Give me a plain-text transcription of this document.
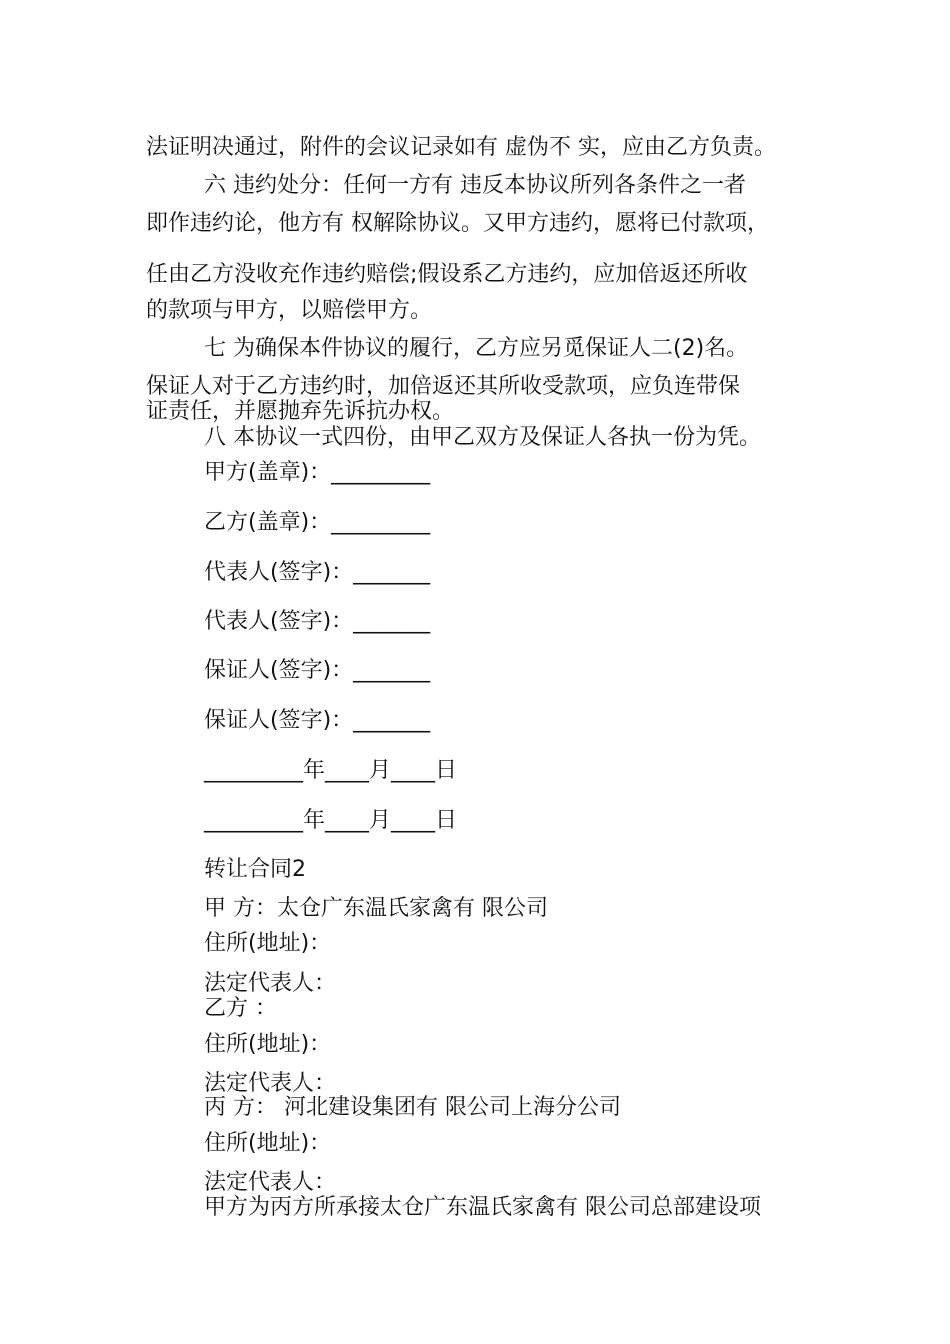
法证明决通过，附件的会议记录如有 虚伪不 实，应由乙方负责。
六 违约处分：任何一方有 违反本协议所列各条件之一者
即作违约论，他方有 权解除协议。又甲方违约，愿将已付款项，
任由乙方没收充作违约赔偿;假设系乙方违约，应加倍返还所收
的款项与甲方，以赔偿甲方。
七 为确保本件协议的履行，乙方应另觅保证人二(2)名。
保证人对于乙方违约时，加倍返还其所收受款项，应负连带保
证责任，并愿抛弃先诉抗办权。
八 本协议一式四份，由甲乙双方及保证人各执一份为凭。
甲方(盖章)：_________
乙方(盖章)：_________
代表人(签字)：_______
代表人(签字)：_______
保证人(签字)：_______
保证人(签字)：_______
_________年____月____日
_________年____月____日
转让合同2
甲 方：太仓广东温氏家禽有 限公司
住所(地址)：
法定代表人：
乙方 ：
住所(地址)：
法定代表人：
丙 方： 河北建设集团有 限公司上海分公司
住所(地址)：
法定代表人：
甲方为丙方所承接太仓广东温氏家禽有 限公司总部建设项
